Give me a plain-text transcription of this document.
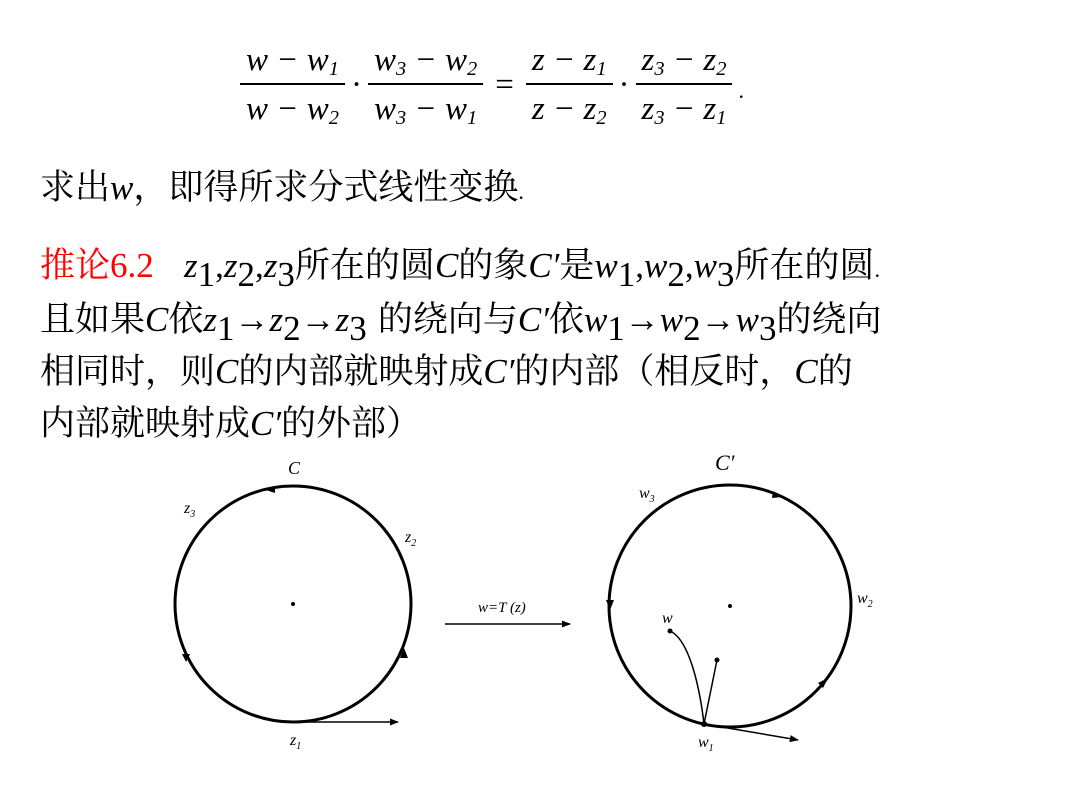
$\frac{w - w_1}{w - w_2} \cdot \frac{w_3 - w_2}{w_3 - w_1} = \frac{z - z_1}{z - z_2} \cdot \frac{z_3 - z_2}{z_3 - z_1}$ .
求出w，即得所求分式线性变换.
推论6.2 $z_1,z_2,z_3$所在的圆C的象C′是$w_1,w_2,w_3$所在的圆.
且如果C依$z_1\to z_2\to z_3$ 的绕向与C′依$w_1\to w_2\to w_3$的绕向
相同时，则C的内部就映射成C′的内部（相反时，C的
内部就映射成C′的外部）
C
$z_1$
$z_2$
$z_3$
w=T (z)
C′
w
$w_1$
$w_2$
$w_3$
